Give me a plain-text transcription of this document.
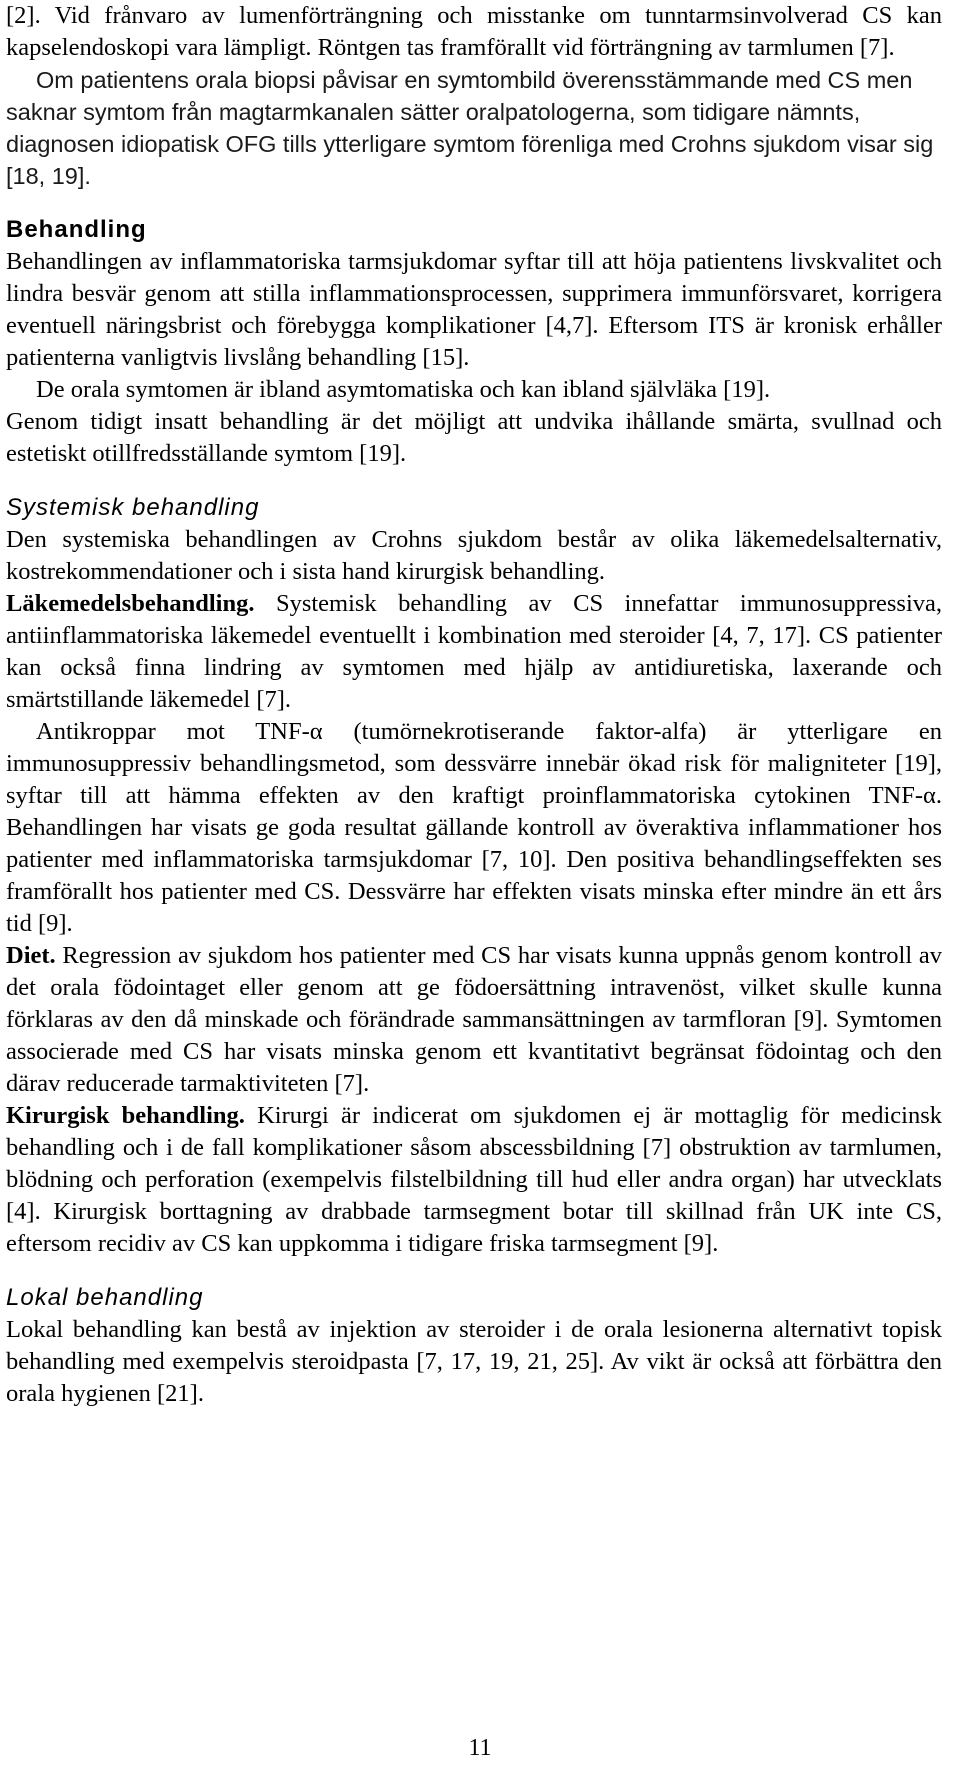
[2]. Vid frånvaro av lumenförträngning och misstanke om tunntarmsinvolverad CS kan kapselendoskopi vara lämpligt. Röntgen tas framförallt vid förträngning av tarmlumen [7].

Om patientens orala biopsi påvisar en symtombild överensstämmande med CS men saknar symtom från magtarmkanalen sätter oralpatologerna, som tidigare nämnts, diagnosen idiopatisk OFG tills ytterligare symtom förenliga med Crohns sjukdom visar sig [18, 19].

Behandling

Behandlingen av inflammatoriska tarmsjukdomar syftar till att höja patientens livskvalitet och lindra besvär genom att stilla inflammationsprocessen, supprimera immunförsvaret, korrigera eventuell näringsbrist och förebygga komplikationer [4,7]. Eftersom ITS är kronisk erhåller patienterna vanligtvis livslång behandling [15].

De orala symtomen är ibland asymtomatiska och kan ibland självläka [19].

Genom tidigt insatt behandling är det möjligt att undvika ihållande smärta, svullnad och estetiskt otillfredsställande symtom [19].

Systemisk behandling

Den systemiska behandlingen av Crohns sjukdom består av olika läkemedelsalternativ, kostrekommendationer och i sista hand kirurgisk behandling.

Läkemedelsbehandling. Systemisk behandling av CS innefattar immunosuppressiva, antiinflammatoriska läkemedel eventuellt i kombination med steroider [4, 7, 17]. CS patienter kan också finna lindring av symtomen med hjälp av antidiuretiska, laxerande och smärtstillande läkemedel [7].

Antikroppar mot TNF-α (tumörnekrotiserande faktor-alfa) är ytterligare en immunosuppressiv behandlingsmetod, som dessvärre innebär ökad risk för maligniteter [19], syftar till att hämma effekten av den kraftigt proinflammatoriska cytokinen TNF-α. Behandlingen har visats ge goda resultat gällande kontroll av överaktiva inflammationer hos patienter med inflammatoriska tarmsjukdomar [7, 10]. Den positiva behandlingseffekten ses framförallt hos patienter med CS. Dessvärre har effekten visats minska efter mindre än ett års tid [9].

Diet. Regression av sjukdom hos patienter med CS har visats kunna uppnås genom kontroll av det orala födointaget eller genom att ge födoersättning intravenöst, vilket skulle kunna förklaras av den då minskade och förändrade sammansättningen av tarmfloran [9]. Symtomen associerade med CS har visats minska genom ett kvantitativt begränsat födointag och den därav reducerade tarmaktiviteten [7].

Kirurgisk behandling. Kirurgi är indicerat om sjukdomen ej är mottaglig för medicinsk behandling och i de fall komplikationer såsom abscessbildning [7] obstruktion av tarmlumen, blödning och perforation (exempelvis filstelbildning till hud eller andra organ) har utvecklats [4]. Kirurgisk borttagning av drabbade tarmsegment botar till skillnad från UK inte CS, eftersom recidiv av CS kan uppkomma i tidigare friska tarmsegment [9].

Lokal behandling

Lokal behandling kan bestå av injektion av steroider i de orala lesionerna alternativt topisk behandling med exempelvis steroidpasta [7, 17, 19, 21, 25]. Av vikt är också att förbättra den orala hygienen [21].

11
